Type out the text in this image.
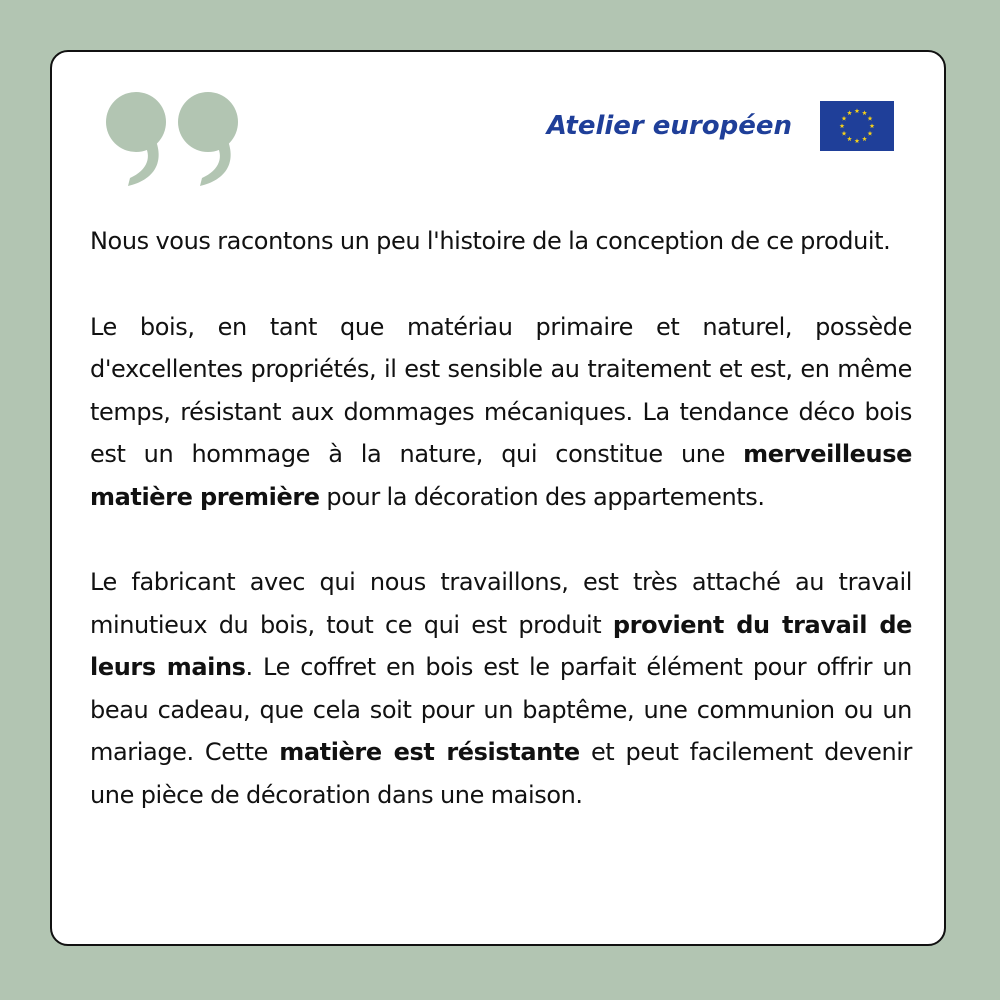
Atelier européen

Nous vous racontons un peu l'histoire de la conception de ce produit.

Le bois, en tant que matériau primaire et naturel, possède d'excellentes propriétés, il est sensible au traitement et est, en même temps, résistant aux dommages mécaniques. La tendance déco bois est un hommage à la nature, qui constitue une merveilleuse matière première pour la décoration des appartements.

Le fabricant avec qui nous travaillons, est très attaché au travail minutieux du bois, tout ce qui est produit provient du travail de leurs mains. Le coffret en bois est le parfait élément pour offrir un beau cadeau, que cela soit pour un baptême, une communion ou un mariage. Cette matière est résistante et peut facilement devenir une pièce de décoration dans une maison.
